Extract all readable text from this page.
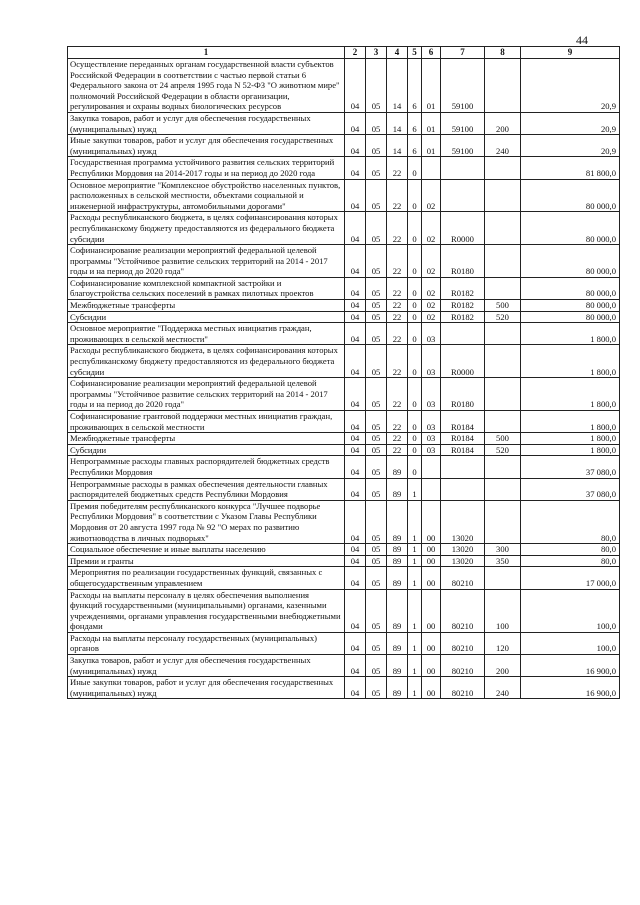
44
1	2	3	4	5	6	7	8	9
Осуществление переданных органам государственной власти субъектов Российской Федерации в соответствии с частью первой статьи 6 Федерального закона от 24 апреля 1995 года N 52-ФЗ "О животном мире" полномочий Российской Федерации в области организации, регулирования и охраны водных биологических ресурсов	04	05	14	6	01	59100		20,9
Закупка товаров, работ и услуг для обеспечения государственных (муниципальных) нужд	04	05	14	6	01	59100	200	20,9
Иные закупки товаров, работ и услуг для обеспечения государственных (муниципальных) нужд	04	05	14	6	01	59100	240	20,9
Государственная программа устойчивого развития сельских территорий Республики Мордовия на 2014-2017 годы и на период до 2020 года	04	05	22	0				81 800,0
Основное мероприятие "Комплексное обустройство населенных пунктов, расположенных в сельской местности, объектами социальной и инженерной инфраструктуры, автомобильными дорогами"	04	05	22	0	02			80 000,0
Расходы республиканского бюджета, в целях софинансирования которых республиканскому бюджету предоставляются из федерального бюджета субсидии	04	05	22	0	02	R0000		80 000,0
Софинансирование реализации мероприятий федеральной целевой программы "Устойчивое развитие сельских территорий на 2014 - 2017 годы и на период до 2020 года"	04	05	22	0	02	R0180		80 000,0
Софинансирование комплексной компактной застройки и благоустройства сельских поселений в рамках пилотных проектов	04	05	22	0	02	R0182		80 000,0
Межбюджетные трансферты	04	05	22	0	02	R0182	500	80 000,0
Субсидии	04	05	22	0	02	R0182	520	80 000,0
Основное мероприятие "Поддержка местных инициатив граждан, проживающих в сельской местности"	04	05	22	0	03			1 800,0
Расходы республиканского бюджета, в целях софинансирования которых республиканскому бюджету предоставляются из федерального бюджета субсидии	04	05	22	0	03	R0000		1 800,0
Софинансирование реализации мероприятий федеральной целевой программы "Устойчивое развитие сельских территорий на 2014 - 2017 годы и на период до 2020 года"	04	05	22	0	03	R0180		1 800,0
Софинансирование грантовой поддержки местных инициатив граждан, проживающих в сельской местности	04	05	22	0	03	R0184		1 800,0
Межбюджетные трансферты	04	05	22	0	03	R0184	500	1 800,0
Субсидии	04	05	22	0	03	R0184	520	1 800,0
Непрограммные расходы главных распорядителей бюджетных средств Республики Мордовия	04	05	89	0				37 080,0
Непрограммные расходы в рамках обеспечения деятельности главных распорядителей бюджетных средств Республики Мордовия	04	05	89	1				37 080,0
Премия победителям республиканского конкурса "Лучшее подворье Республики Мордовия" в соответствии с Указом Главы Республики Мордовия от 20 августа 1997 года № 92 "О мерах по развитию животноводства в личных подворьях"	04	05	89	1	00	13020		80,0
Социальное обеспечение и иные выплаты населению	04	05	89	1	00	13020	300	80,0
Премии и гранты	04	05	89	1	00	13020	350	80,0
Мероприятия по реализации государственных функций, связанных с общегосударственным управлением	04	05	89	1	00	80210		17 000,0
Расходы на выплаты персоналу в целях обеспечения выполнения функций государственными (муниципальными) органами, казенными учреждениями, органами управления государственными внебюджетными фондами	04	05	89	1	00	80210	100	100,0
Расходы на выплаты персоналу государственных (муниципальных) органов	04	05	89	1	00	80210	120	100,0
Закупка товаров, работ и услуг для обеспечения государственных (муниципальных) нужд	04	05	89	1	00	80210	200	16 900,0
Иные закупки товаров, работ и услуг для обеспечения государственных (муниципальных) нужд	04	05	89	1	00	80210	240	16 900,0
